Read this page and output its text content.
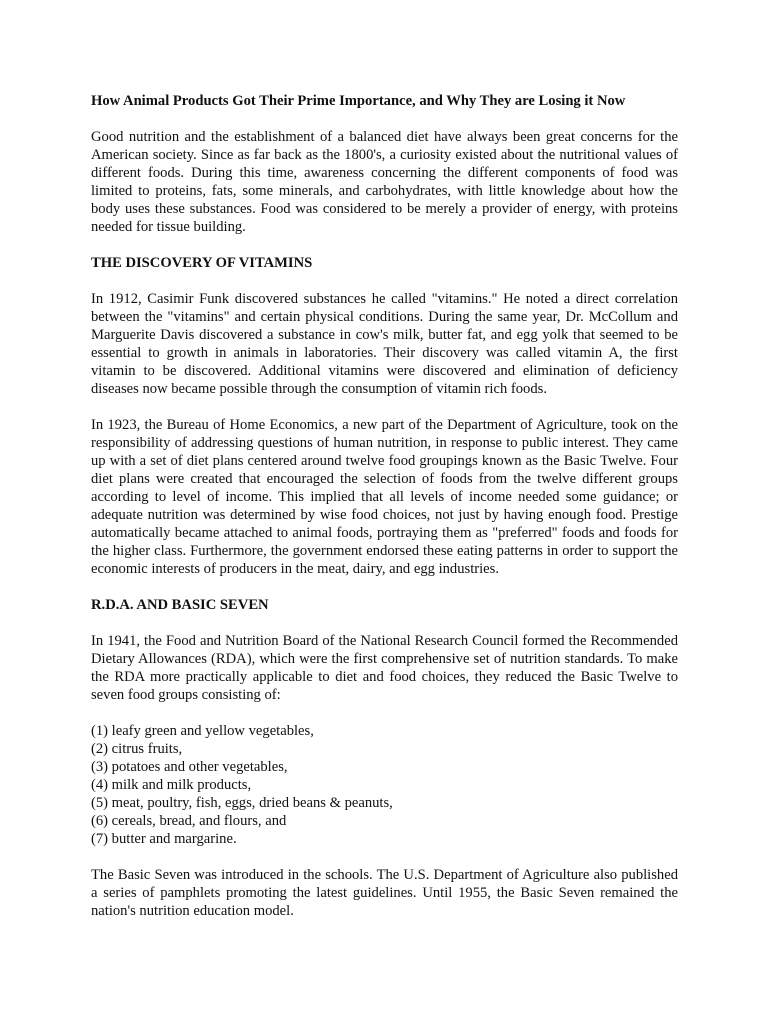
How Animal Products Got Their Prime Importance, and Why They are Losing it Now

Good nutrition and the establishment of a balanced diet have always been great concerns for the American society. Since as far back as the 1800's, a curiosity existed about the nutritional values of different foods. During this time, awareness concerning the different components of food was limited to proteins, fats, some minerals, and carbohydrates, with little knowledge about how the body uses these substances. Food was considered to be merely a provider of energy, with proteins needed for tissue building.

THE DISCOVERY OF VITAMINS

In 1912, Casimir Funk discovered substances he called "vitamins." He noted a direct correlation between the "vitamins" and certain physical conditions. During the same year, Dr. McCollum and Marguerite Davis discovered a substance in cow's milk, butter fat, and egg yolk that seemed to be essential to growth in animals in laboratories. Their discovery was called vitamin A, the first vitamin to be discovered. Additional vitamins were discovered and elimination of deficiency diseases now became possible through the consumption of vitamin rich foods.

In 1923, the Bureau of Home Economics, a new part of the Department of Agriculture, took on the responsibility of addressing questions of human nutrition, in response to public interest. They came up with a set of diet plans centered around twelve food groupings known as the Basic Twelve. Four diet plans were created that encouraged the selection of foods from the twelve different groups according to level of income. This implied that all levels of income needed some guidance; or adequate nutrition was determined by wise food choices, not just by having enough food. Prestige automatically became attached to animal foods, portraying them as "preferred" foods and foods for the higher class. Furthermore, the government endorsed these eating patterns in order to support the economic interests of producers in the meat, dairy, and egg industries.

R.D.A. AND BASIC SEVEN

In 1941, the Food and Nutrition Board of the National Research Council formed the Recommended Dietary Allowances (RDA), which were the first comprehensive set of nutrition standards. To make the RDA more practically applicable to diet and food choices, they reduced the Basic Twelve to seven food groups consisting of:

(1) leafy green and yellow vegetables,
(2) citrus fruits,
(3) potatoes and other vegetables,
(4) milk and milk products,
(5) meat, poultry, fish, eggs, dried beans & peanuts,
(6) cereals, bread, and flours, and
(7) butter and margarine.

The Basic Seven was introduced in the schools. The U.S. Department of Agriculture also published a series of pamphlets promoting the latest guidelines. Until 1955, the Basic Seven remained the nation's nutrition education model.
